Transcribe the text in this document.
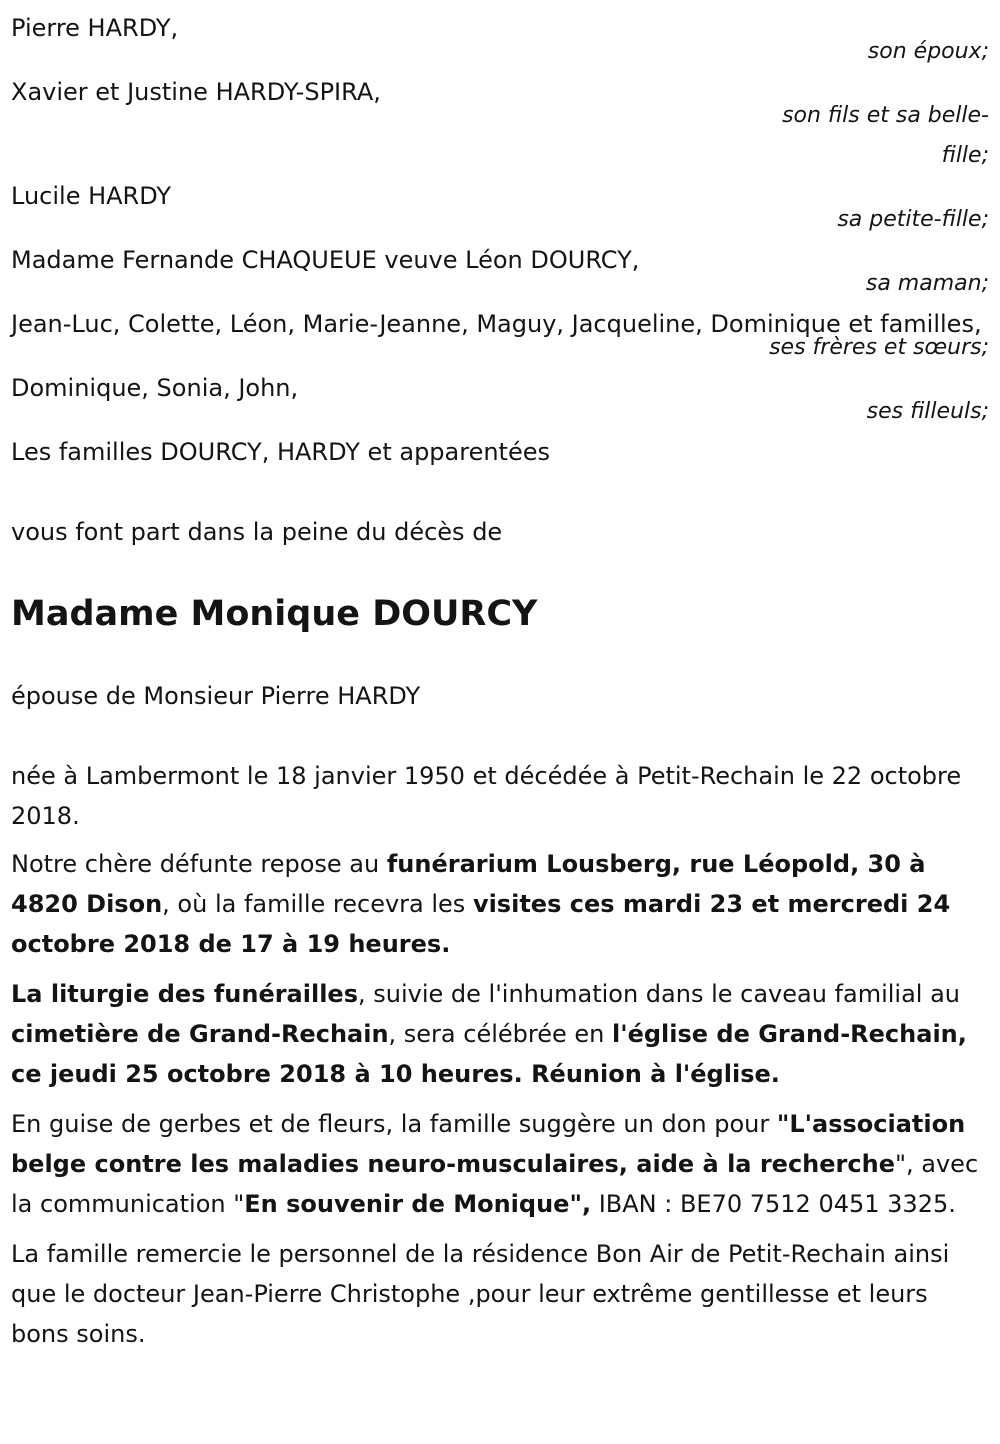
Pierre HARDY,

son époux;

Xavier et Justine HARDY-SPIRA,

son fils et sa belle-fille;

Lucile HARDY

sa petite-fille;

Madame Fernande CHAQUEUE veuve Léon DOURCY,

sa maman;

Jean-Luc, Colette, Léon, Marie-Jeanne, Maguy, Jacqueline, Dominique et familles,

ses frères et sœurs;

Dominique, Sonia, John,

ses filleuls;

Les familles DOURCY, HARDY et apparentées

vous font part dans la peine du décès de

Madame Monique DOURCY

épouse de Monsieur Pierre HARDY

née à Lambermont le 18 janvier 1950 et décédée à Petit-Rechain le 22 octobre 2018.

Notre chère défunte repose au funérarium Lousberg, rue Léopold, 30 à 4820 Dison, où la famille recevra les visites ces mardi 23 et mercredi 24 octobre 2018 de 17 à 19 heures.

La liturgie des funérailles, suivie de l'inhumation dans le caveau familial au cimetière de Grand-Rechain, sera célébrée en l'église de Grand-Rechain, ce jeudi 25 octobre 2018 à 10 heures. Réunion à l'église.

En guise de gerbes et de fleurs, la famille suggère un don pour "L'association belge contre les maladies neuro-musculaires, aide à la recherche", avec la communication "En souvenir de Monique", IBAN : BE70 7512 0451 3325.

La famille remercie le personnel de la résidence Bon Air de Petit-Rechain ainsi que le docteur Jean-Pierre Christophe ,pour leur extrême gentillesse et leurs bons soins.
